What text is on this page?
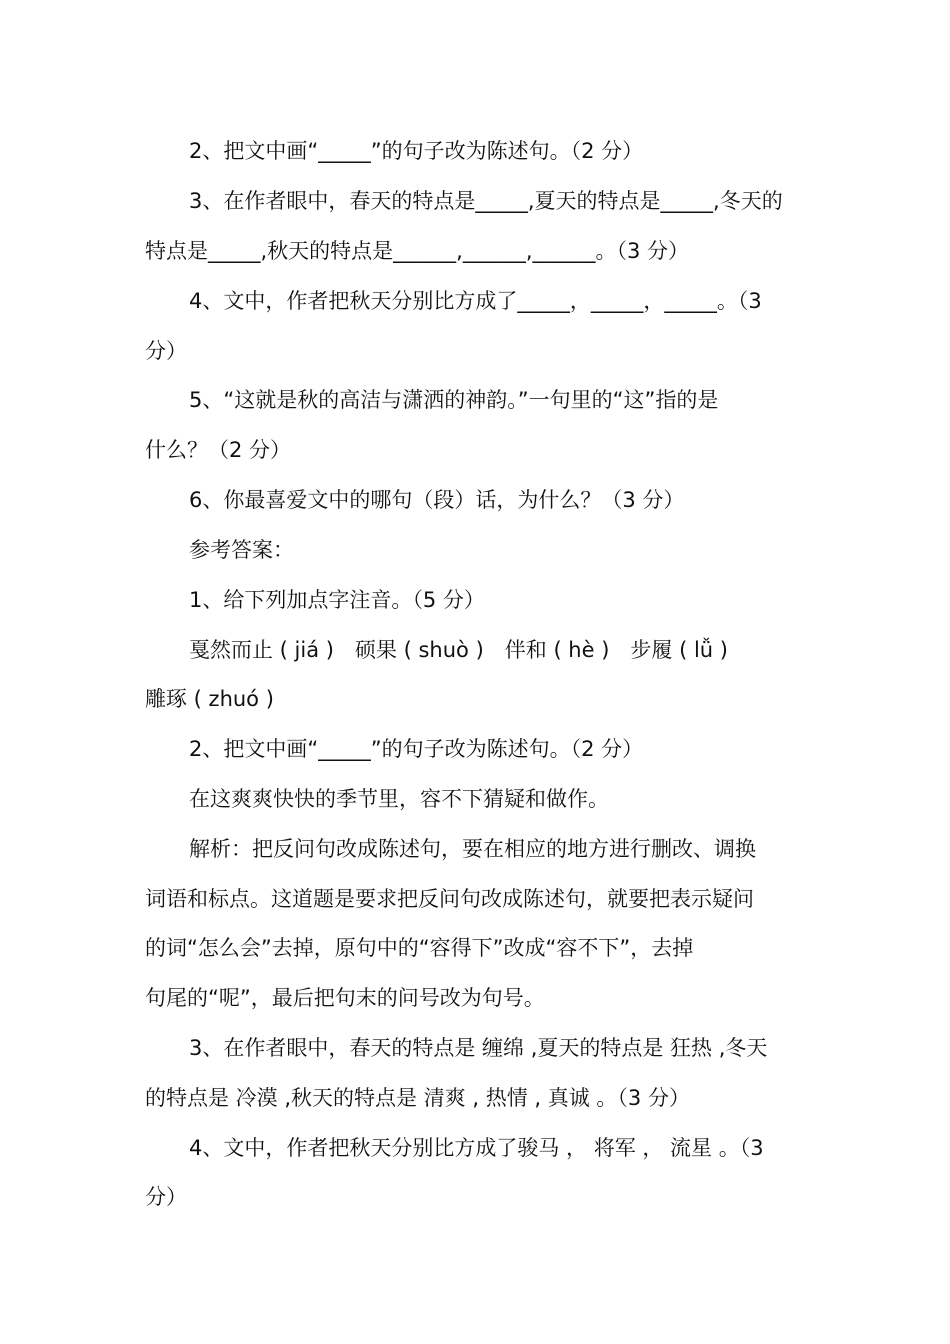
2、把文中画“_____”的句子改为陈述句。（2 分）
3、在作者眼中，春天的特点是_____,夏天的特点是_____,冬天的
特点是_____,秋天的特点是______,______,______。（3 分）
4、文中，作者把秋天分别比方成了_____，_____，_____。（3
分）
5、“这就是秋的高洁与潇洒的神韵。”一句里的“这”指的是
什么？（2 分）
6、你最喜爱文中的哪句（段）话，为什么？（3 分）
参考答案：
1、给下列加点字注音。（5 分）
戛然而止 ( jiá )　硕果 ( shuò )　伴和 ( hè )　步履 ( lǚ )
雕琢 ( zhuó )
2、把文中画“_____”的句子改为陈述句。（2 分）
在这爽爽快快的季节里，容不下猜疑和做作。
解析：把反问句改成陈述句，要在相应的地方进行删改、调换
词语和标点。这道题是要求把反问句改成陈述句，就要把表示疑问
的词“怎么会”去掉，原句中的“容得下”改成“容不下”，去掉
句尾的“呢”，最后把句末的问号改为句号。
3、在作者眼中，春天的特点是 缠绵 ,夏天的特点是 狂热 ,冬天
的特点是 冷漠 ,秋天的特点是 清爽 , 热情 , 真诚 。（3 分）
4、文中，作者把秋天分别比方成了骏马 ， 将军 ， 流星 。（3
分）
